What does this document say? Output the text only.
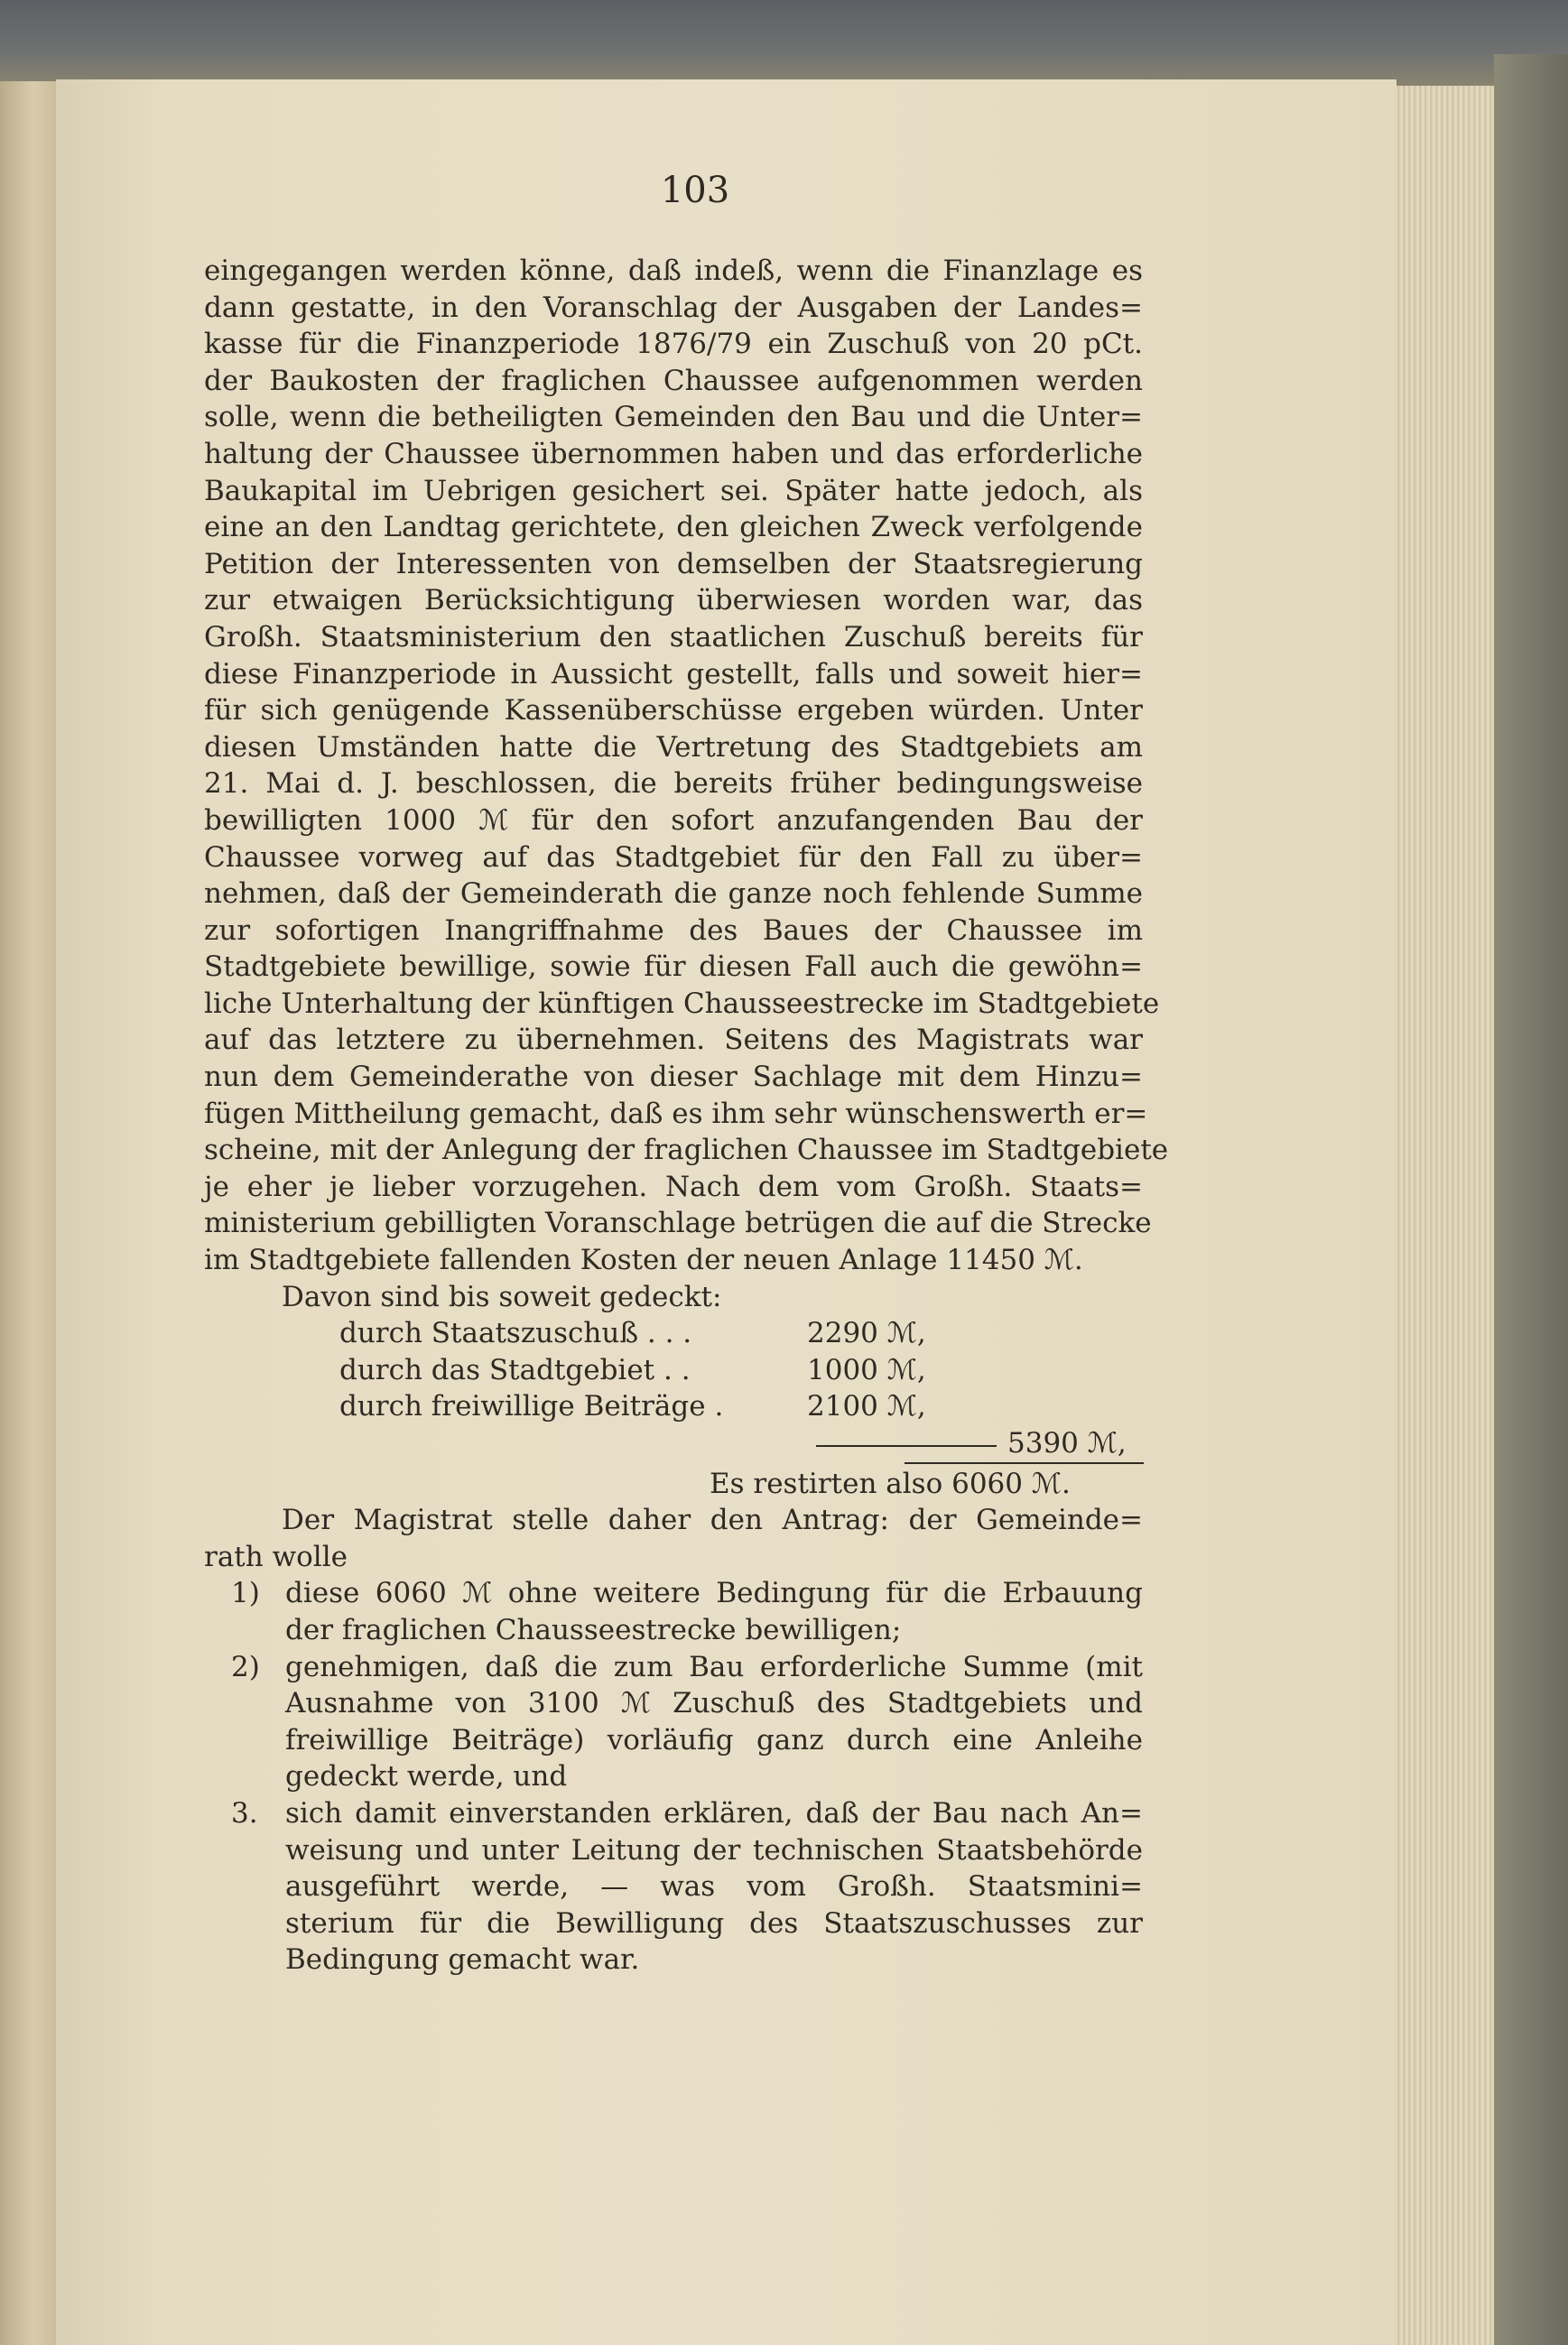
103
eingegangen werden könne, daß indeß, wenn die Finanzlage es
dann gestatte, in den Voranschlag der Ausgaben der Landes=
kasse für die Finanzperiode 1876/79 ein Zuschuß von 20 pCt.
der Baukosten der fraglichen Chaussee aufgenommen werden
solle, wenn die betheiligten Gemeinden den Bau und die Unter=
haltung der Chaussee übernommen haben und das erforderliche
Baukapital im Uebrigen gesichert sei. Später hatte jedoch, als
eine an den Landtag gerichtete, den gleichen Zweck verfolgende
Petition der Interessenten von demselben der Staatsregierung
zur etwaigen Berücksichtigung überwiesen worden war, das
Großh. Staatsministerium den staatlichen Zuschuß bereits für
diese Finanzperiode in Aussicht gestellt, falls und soweit hier=
für sich genügende Kassenüberschüsse ergeben würden. Unter
diesen Umständen hatte die Vertretung des Stadtgebiets am
21. Mai d. J. beschlossen, die bereits früher bedingungsweise
bewilligten 1000 ℳ für den sofort anzufangenden Bau der
Chaussee vorweg auf das Stadtgebiet für den Fall zu über=
nehmen, daß der Gemeinderath die ganze noch fehlende Summe
zur sofortigen Inangriffnahme des Baues der Chaussee im
Stadtgebiete bewillige, sowie für diesen Fall auch die gewöhn=
liche Unterhaltung der künftigen Chausseestrecke im Stadtgebiete
auf das letztere zu übernehmen. Seitens des Magistrats war
nun dem Gemeinderathe von dieser Sachlage mit dem Hinzu=
fügen Mittheilung gemacht, daß es ihm sehr wünschenswerth er=
scheine, mit der Anlegung der fraglichen Chaussee im Stadtgebiete
je eher je lieber vorzugehen. Nach dem vom Großh. Staats=
ministerium gebilligten Voranschlage betrügen die auf die Strecke
im Stadtgebiete fallenden Kosten der neuen Anlage 11450 ℳ.
Davon sind bis soweit gedeckt:
durch Staatszuschuß . . .	2290 ℳ,
durch das Stadtgebiet . .	1000 ℳ,
durch freiwillige Beiträge .	2100 ℳ,
5390 ℳ,
Es restirten also 6060 ℳ.
Der Magistrat stelle daher den Antrag: der Gemeinde=
rath wolle
1) diese 6060 ℳ ohne weitere Bedingung für die Erbauung
der fraglichen Chausseestrecke bewilligen;
2) genehmigen, daß die zum Bau erforderliche Summe (mit
Ausnahme von 3100 ℳ Zuschuß des Stadtgebiets und
freiwillige Beiträge) vorläufig ganz durch eine Anleihe
gedeckt werde, und
3. sich damit einverstanden erklären, daß der Bau nach An=
weisung und unter Leitung der technischen Staatsbehörde
ausgeführt werde, — was vom Großh. Staatsmini=
sterium für die Bewilligung des Staatszuschusses zur
Bedingung gemacht war.
